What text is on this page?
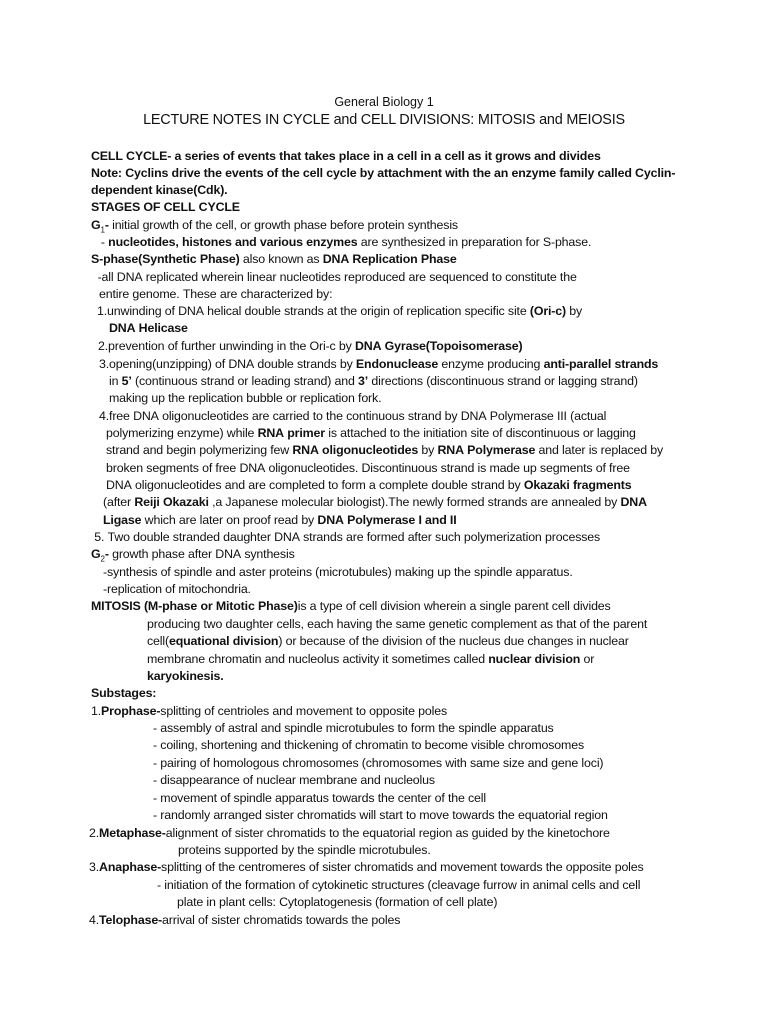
General Biology 1
LECTURE NOTES IN CYCLE and CELL DIVISIONS: MITOSIS and MEIOSIS
CELL CYCLE- a series of events that takes place in a cell in a cell as it grows and divides
Note: Cyclins drive the events of the cell cycle by attachment with the an enzyme family called Cyclin-
dependent kinase(Cdk).
STAGES OF CELL CYCLE
$G_1-$ initial growth of the cell, or growth phase before protein synthesis
- nucleotides, histones and various enzymes are synthesized in preparation for S-phase.
S-phase(Synthetic Phase) also known as DNA Replication Phase
-all DNA replicated wherein linear nucleotides reproduced are sequenced to constitute the
entire genome. These are characterized by:
1.unwinding of DNA helical double strands at the origin of replication specific site (Ori-c) by
DNA Helicase
2.prevention of further unwinding in the Ori-c by DNA Gyrase(Topoisomerase)
3.opening(unzipping) of DNA double strands by Endonuclease enzyme producing anti-parallel strands
in 5’ (continuous strand or leading strand) and 3’ directions (discontinuous strand or lagging strand)
making up the replication bubble or replication fork.
4.free DNA oligonucleotides are carried to the continuous strand by DNA Polymerase III (actual
polymerizing enzyme) while RNA primer is attached to the initiation site of discontinuous or lagging
strand and begin polymerizing few RNA oligonucleotides by RNA Polymerase and later is replaced by
broken segments of free DNA oligonucleotides. Discontinuous strand is made up segments of free
DNA oligonucleotides and are completed to form a complete double strand by Okazaki fragments
(after Reiji Okazaki ,a Japanese molecular biologist).The newly formed strands are annealed by DNA
Ligase which are later on proof read by DNA Polymerase I and II
5. Two double stranded daughter DNA strands are formed after such polymerization processes
$G_2-$ growth phase after DNA synthesis
-synthesis of spindle and aster proteins (microtubules) making up the spindle apparatus.
-replication of mitochondria.
MITOSIS (M-phase or Mitotic Phase)is a type of cell division wherein a single parent cell divides
producing two daughter cells, each having the same genetic complement as that of the parent
cell(equational division) or because of the division of the nucleus due changes in nuclear
membrane chromatin and nucleolus activity it sometimes called nuclear division or
karyokinesis.
Substages:
1.Prophase-splitting of centrioles and movement to opposite poles
- assembly of astral and spindle microtubules to form the spindle apparatus
- coiling, shortening and thickening of chromatin to become visible chromosomes
- pairing of homologous chromosomes (chromosomes with same size and gene loci)
- disappearance of nuclear membrane and nucleolus
- movement of spindle apparatus towards the center of the cell
- randomly arranged sister chromatids will start to move towards the equatorial region
2.Metaphase-alignment of sister chromatids to the equatorial region as guided by the kinetochore
proteins supported by the spindle microtubules.
3.Anaphase-splitting of the centromeres of sister chromatids and movement towards the opposite poles
- initiation of the formation of cytokinetic structures (cleavage furrow in animal cells and cell
plate in plant cells: Cytoplatogenesis (formation of cell plate)
4.Telophase-arrival of sister chromatids towards the poles
